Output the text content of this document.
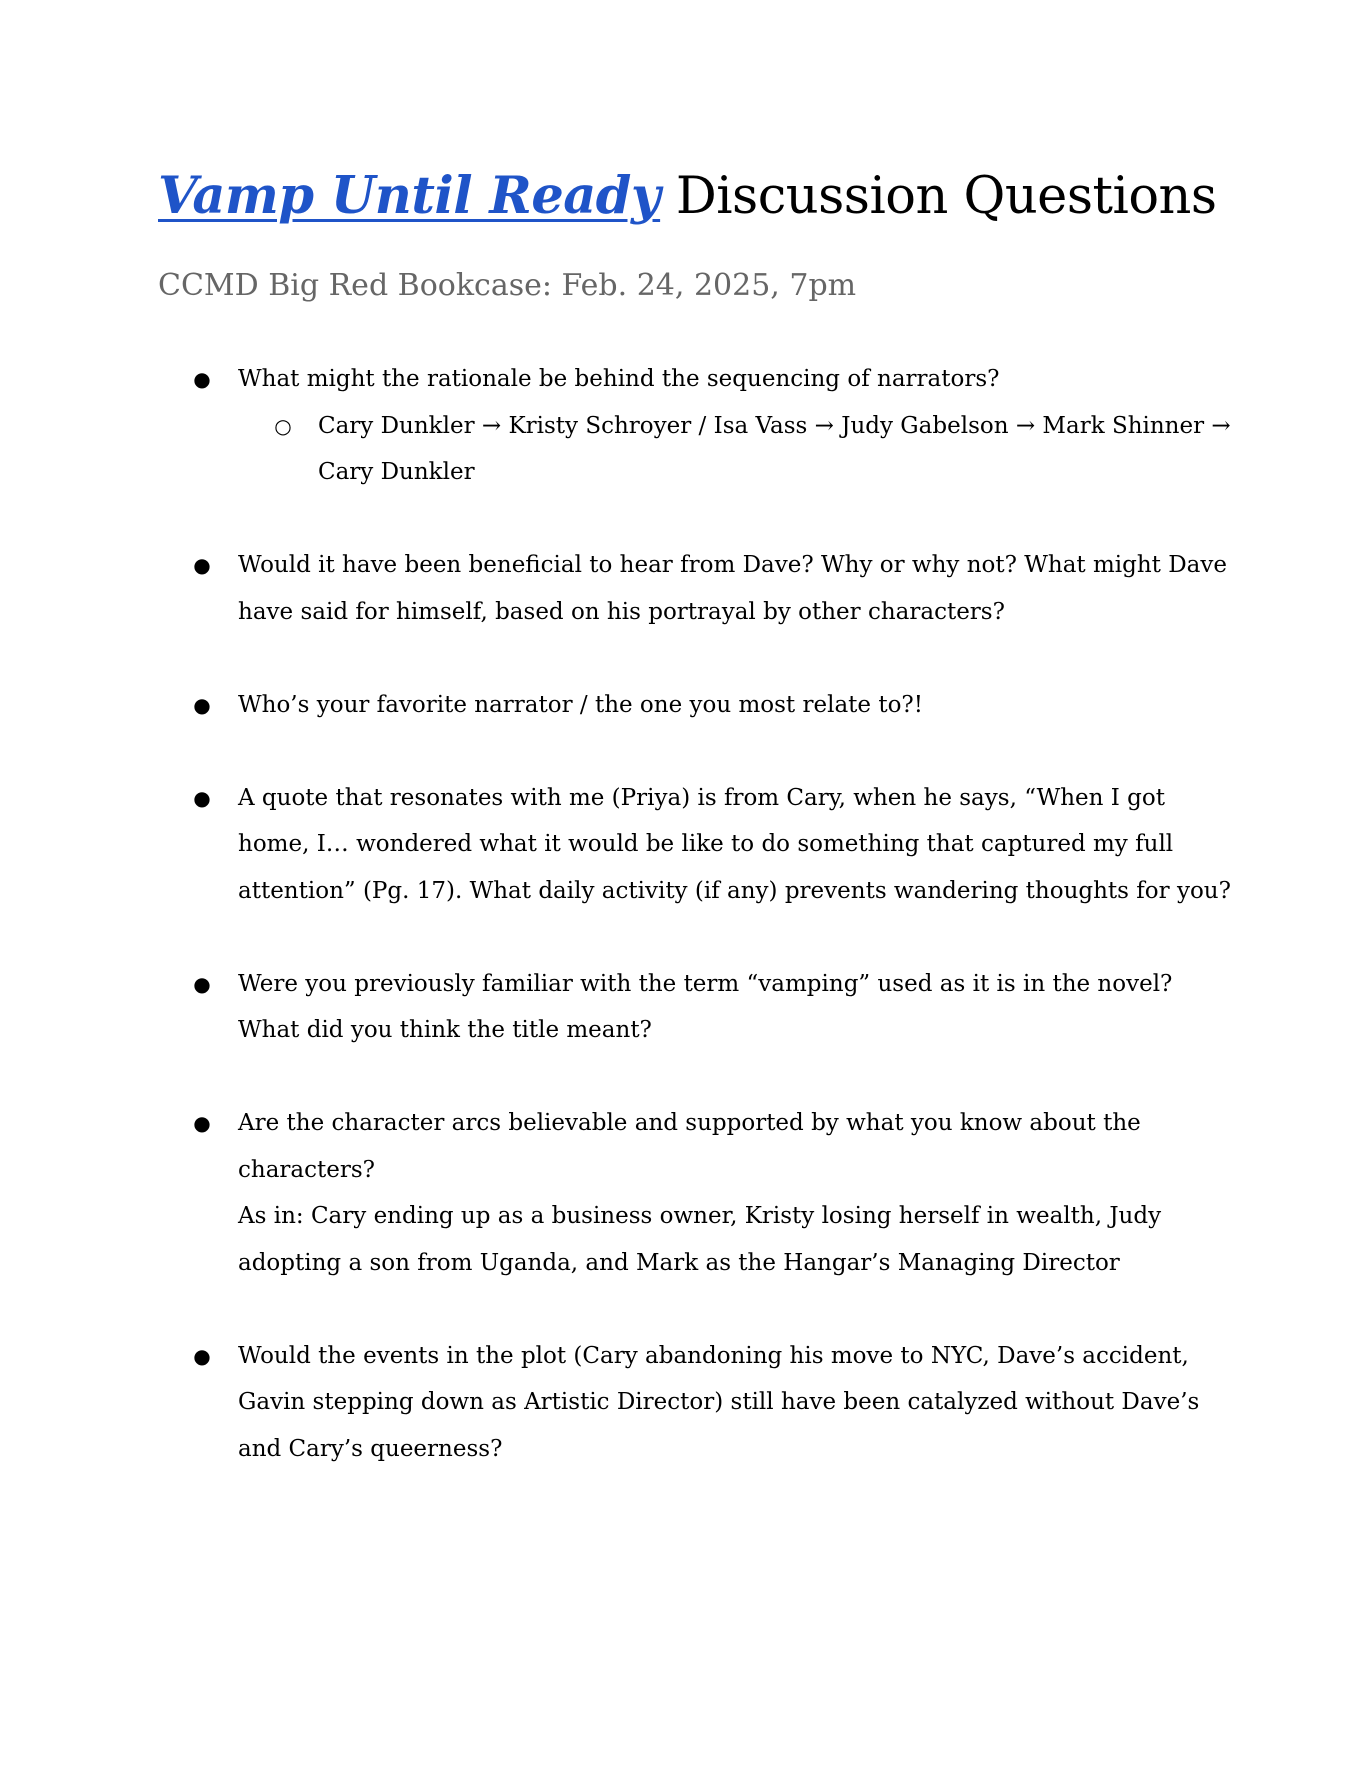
Vamp Until Ready Discussion Questions

CCMD Big Red Bookcase: Feb. 24, 2025, 7pm

● What might the rationale be behind the sequencing of narrators?
○ Cary Dunkler → Kristy Schroyer / Isa Vass → Judy Gabelson → Mark Shinner → Cary Dunkler
● Would it have been beneficial to hear from Dave? Why or why not? What might Dave have said for himself, based on his portrayal by other characters?
● Who’s your favorite narrator / the one you most relate to?!
● A quote that resonates with me (Priya) is from Cary, when he says, “When I got home, I… wondered what it would be like to do something that captured my full attention” (Pg. 17). What daily activity (if any) prevents wandering thoughts for you?
● Were you previously familiar with the term “vamping” used as it is in the novel? What did you think the title meant?
● Are the character arcs believable and supported by what you know about the characters?
As in: Cary ending up as a business owner, Kristy losing herself in wealth, Judy adopting a son from Uganda, and Mark as the Hangar’s Managing Director
● Would the events in the plot (Cary abandoning his move to NYC, Dave’s accident, Gavin stepping down as Artistic Director) still have been catalyzed without Dave’s and Cary’s queerness?
